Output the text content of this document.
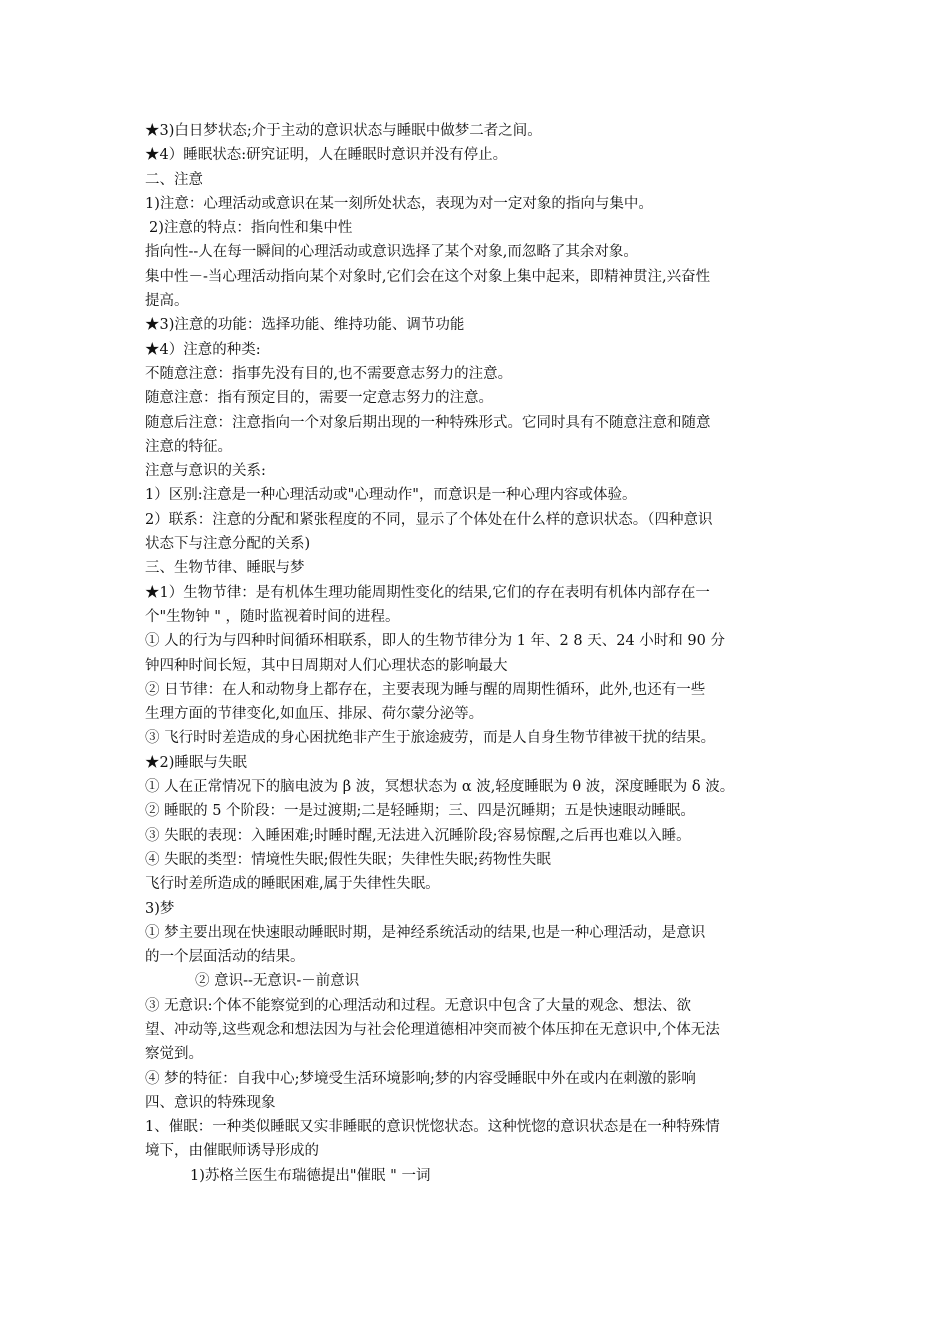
★3)白日梦状态;介于主动的意识状态与睡眠中做梦二者之间。
★4）睡眠状态:研究证明，人在睡眠时意识并没有停止。
二、注意
1)注意：心理活动或意识在某一刻所处状态，表现为对一定对象的指向与集中。
2)注意的特点：指向性和集中性
指向性--人在每一瞬间的心理活动或意识选择了某个对象,而忽略了其余对象。
集中性－-当心理活动指向某个对象时,它们会在这个对象上集中起来，即精神贯注,兴奋性
提高。
★3)注意的功能：选择功能、维持功能、调节功能
★4）注意的种类:
不随意注意：指事先没有目的,也不需要意志努力的注意。
随意注意：指有预定目的，需要一定意志努力的注意。
随意后注意：注意指向一个对象后期出现的一种特殊形式。它同时具有不随意注意和随意
注意的特征。
注意与意识的关系:
1）区别:注意是一种心理活动或"心理动作"，而意识是一种心理内容或体验。
2）联系：注意的分配和紧张程度的不同，显示了个体处在什么样的意识状态。（四种意识
状态下与注意分配的关系)
三、生物节律、睡眠与梦
★1）生物节律：是有机体生理功能周期性变化的结果,它们的存在表明有机体内部存在一
个"生物钟 " ，随时监视着时间的进程。
① 人的行为与四种时间循环相联系，即人的生物节律分为 1 年、2 8 天、24 小时和 90 分
钟四种时间长短，其中日周期对人们心理状态的影响最大
② 日节律：在人和动物身上都存在，主要表现为睡与醒的周期性循环，此外,也还有一些
生理方面的节律变化,如血压、排尿、荷尔蒙分泌等。
③ 飞行时时差造成的身心困扰绝非产生于旅途疲劳，而是人自身生物节律被干扰的结果。
★2)睡眠与失眠
① 人在正常情况下的脑电波为 β 波，冥想状态为 α 波,轻度睡眠为 θ 波，深度睡眠为 δ 波。
② 睡眠的 5 个阶段：一是过渡期;二是轻睡期；三、四是沉睡期；五是快速眼动睡眠。
③ 失眠的表现：入睡困难;时睡时醒,无法进入沉睡阶段;容易惊醒,之后再也难以入睡。
④ 失眠的类型：情境性失眠;假性失眠；失律性失眠;药物性失眠
飞行时差所造成的睡眠困难,属于失律性失眠。
3)梦
① 梦主要出现在快速眼动睡眠时期，是神经系统活动的结果,也是一种心理活动，是意识
的一个层面活动的结果。
② 意识--无意识-－前意识
③ 无意识:个体不能察觉到的心理活动和过程。无意识中包含了大量的观念、想法、欲
望、冲动等,这些观念和想法因为与社会伦理道德相冲突而被个体压抑在无意识中,个体无法
察觉到。
④ 梦的特征：自我中心;梦境受生活环境影响;梦的内容受睡眠中外在或内在刺激的影响
四、意识的特殊现象
1、催眠：一种类似睡眠又实非睡眠的意识恍惚状态。这种恍惚的意识状态是在一种特殊情
境下，由催眠师诱导形成的
1)苏格兰医生布瑞德提出"催眠 " 一词
